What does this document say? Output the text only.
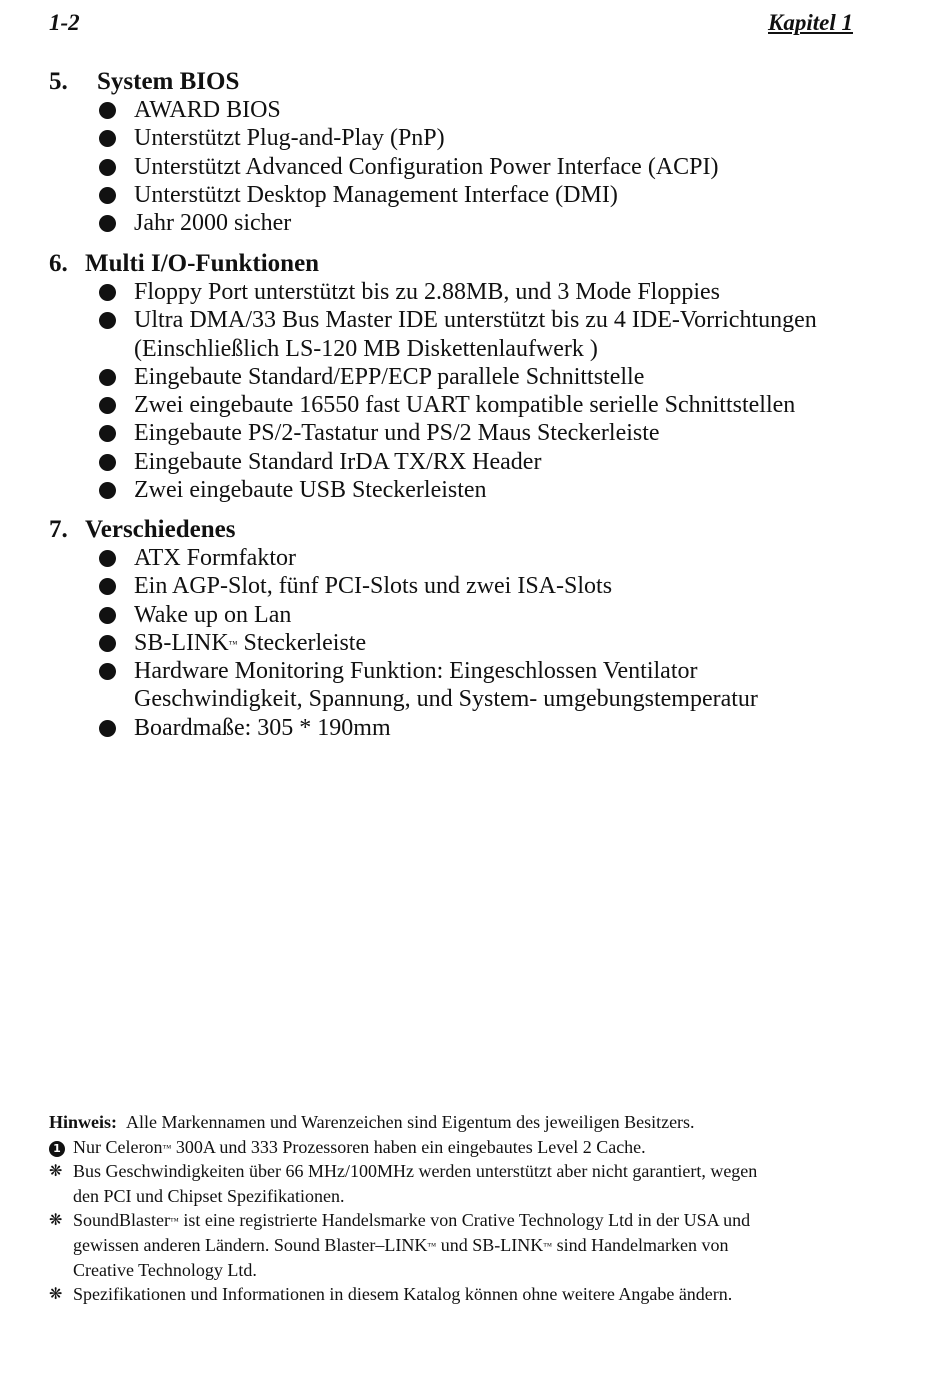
1-2	Kapitel 1
5. System BIOS
AWARD BIOS
Unterstützt Plug-and-Play (PnP)
Unterstützt Advanced Configuration Power Interface (ACPI)
Unterstützt Desktop Management Interface (DMI)
Jahr 2000 sicher
6. Multi I/O-Funktionen
Floppy Port unterstützt bis zu 2.88MB, und 3 Mode Floppies
Ultra DMA/33 Bus Master IDE unterstützt bis zu 4 IDE-Vorrichtungen
(Einschließlich LS-120 MB Diskettenlaufwerk )
Eingebaute Standard/EPP/ECP parallele Schnittstelle
Zwei eingebaute 16550 fast UART kompatible serielle Schnittstellen
Eingebaute PS/2-Tastatur und PS/2 Maus Steckerleiste
Eingebaute Standard IrDA TX/RX Header
Zwei eingebaute USB Steckerleisten
7. Verschiedenes
ATX Formfaktor
Ein AGP-Slot, fünf PCI-Slots und zwei ISA-Slots
Wake up on Lan
SB-LINK™ Steckerleiste
Hardware Monitoring Funktion: Eingeschlossen Ventilator
Geschwindigkeit, Spannung, und System- umgebungstemperatur
Boardmaße: 305 * 190mm
Hinweis: Alle Markennamen und Warenzeichen sind Eigentum des jeweiligen Besitzers.
1 Nur Celeron™ 300A und 333 Prozessoren haben ein eingebautes Level 2 Cache.
❋ Bus Geschwindigkeiten über 66 MHz/100MHz werden unterstützt aber nicht garantiert, wegen
den PCI und Chipset Spezifikationen.
❋ SoundBlaster™ ist eine registrierte Handelsmarke von Crative Technology Ltd in der USA und
gewissen anderen Ländern. Sound Blaster–LINK™ und SB-LINK™ sind Handelmarken von
Creative Technology Ltd.
❋ Spezifikationen und Informationen in diesem Katalog können ohne weitere Angabe ändern.
